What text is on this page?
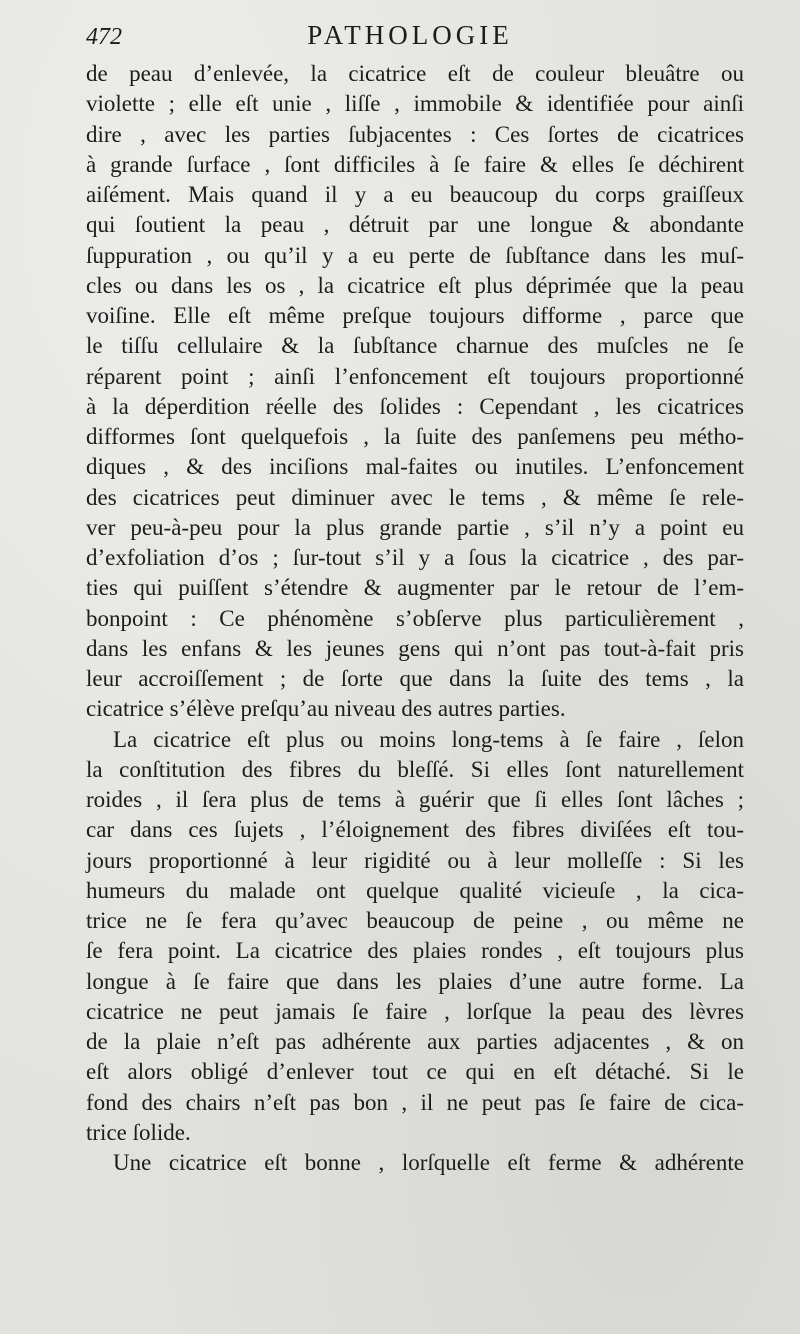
472	PATHOLOGIE
de peau d’enlevée, la cicatrice eſt de couleur bleuâtre ou
violette ; elle eſt unie , liſſe , immobile & identifiée pour ainſi
dire , avec les parties ſubjacentes : Ces ſortes de cicatrices
à grande ſurface , ſont difficiles à ſe faire & elles ſe déchirent
aiſément. Mais quand il y a eu beaucoup du corps graiſſeux
qui ſoutient la peau , détruit par une longue & abondante
ſuppuration , ou qu’il y a eu perte de ſubſtance dans les muſ-
cles ou dans les os , la cicatrice eſt plus déprimée que la peau
voiſine. Elle eſt même preſque toujours difforme , parce que
le tiſſu cellulaire & la ſubſtance charnue des muſcles ne ſe
réparent point ; ainſi l’enfoncement eſt toujours proportionné
à la déperdition réelle des ſolides : Cependant , les cicatrices
difformes ſont quelquefois , la ſuite des panſemens peu métho-
diques , & des inciſions mal-faites ou inutiles. L’enfoncement
des cicatrices peut diminuer avec le tems , & même ſe rele-
ver peu-à-peu pour la plus grande partie , s’il n’y a point eu
d’exfoliation d’os ; ſur-tout s’il y a ſous la cicatrice , des par-
ties qui puiſſent s’étendre & augmenter par le retour de l’em-
bonpoint : Ce phénomène s’obſerve plus particulièrement ,
dans les enfans & les jeunes gens qui n’ont pas tout-à-fait pris
leur accroiſſement ; de ſorte que dans la ſuite des tems , la
cicatrice s’élève preſqu’au niveau des autres parties.
La cicatrice eſt plus ou moins long-tems à ſe faire , ſelon
la conſtitution des fibres du bleſſé. Si elles ſont naturellement
roides , il ſera plus de tems à guérir que ſi elles ſont lâches ;
car dans ces ſujets , l’éloignement des fibres diviſées eſt tou-
jours proportionné à leur rigidité ou à leur molleſſe : Si les
humeurs du malade ont quelque qualité vicieuſe , la cica-
trice ne ſe fera qu’avec beaucoup de peine , ou même ne
ſe fera point. La cicatrice des plaies rondes , eſt toujours plus
longue à ſe faire que dans les plaies d’une autre forme. La
cicatrice ne peut jamais ſe faire , lorſque la peau des lèvres
de la plaie n’eſt pas adhérente aux parties adjacentes , & on
eſt alors obligé d’enlever tout ce qui en eſt détaché. Si le
fond des chairs n’eſt pas bon , il ne peut pas ſe faire de cica-
trice ſolide.
Une cicatrice eſt bonne , lorſquelle eſt ferme & adhérente
